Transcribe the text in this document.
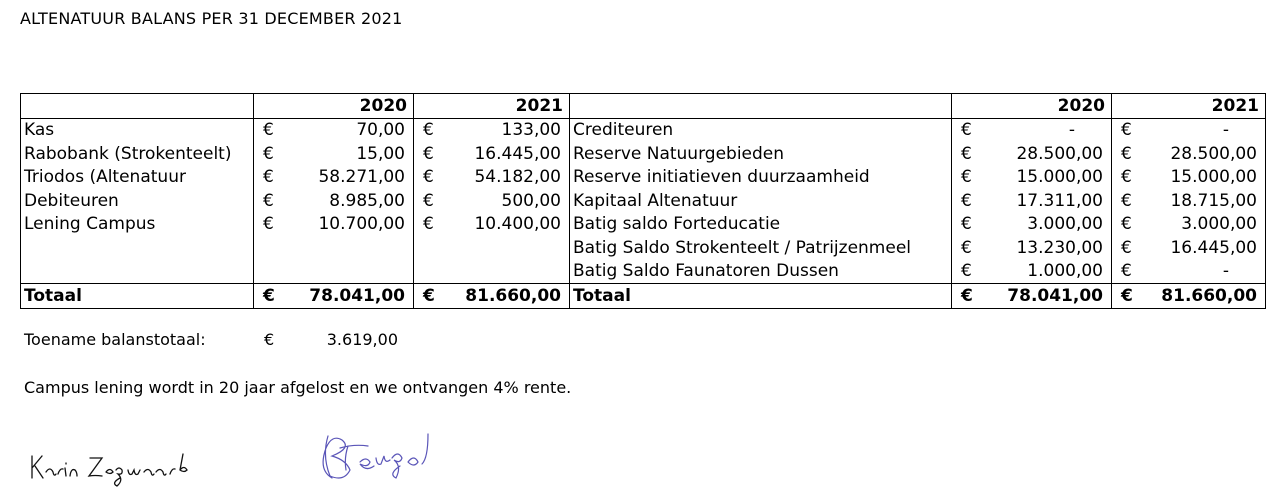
ALTENATUUR BALANS PER 31 DECEMBER 2021
		2020		2021			2020		2021
Kas	€	70,00	€	133,00	Crediteuren	€	-	€	-
Rabobank (Strokenteelt)	€	15,00	€	16.445,00	Reserve Natuurgebieden	€	28.500,00	€	28.500,00
Triodos (Altenatuur	€	58.271,00	€	54.182,00	Reserve initiatieven duurzaamheid	€	15.000,00	€	15.000,00
Debiteuren	€	8.985,00	€	500,00	Kapitaal Altenatuur	€	17.311,00	€	18.715,00
Lening Campus	€	10.700,00	€	10.400,00	Batig saldo Forteducatie	€	3.000,00	€	3.000,00
					Batig Saldo Strokenteelt / Patrijzenmeel	€	13.230,00	€	16.445,00
					Batig Saldo Faunatoren Dussen	€	1.000,00	€	-
Totaal	€	78.041,00	€	81.660,00	Totaal	€	78.041,00	€	81.660,00
Toename balanstotaal:	€	3.619,00
Campus lening wordt in 20 jaar afgelost en we ontvangen 4% rente.
